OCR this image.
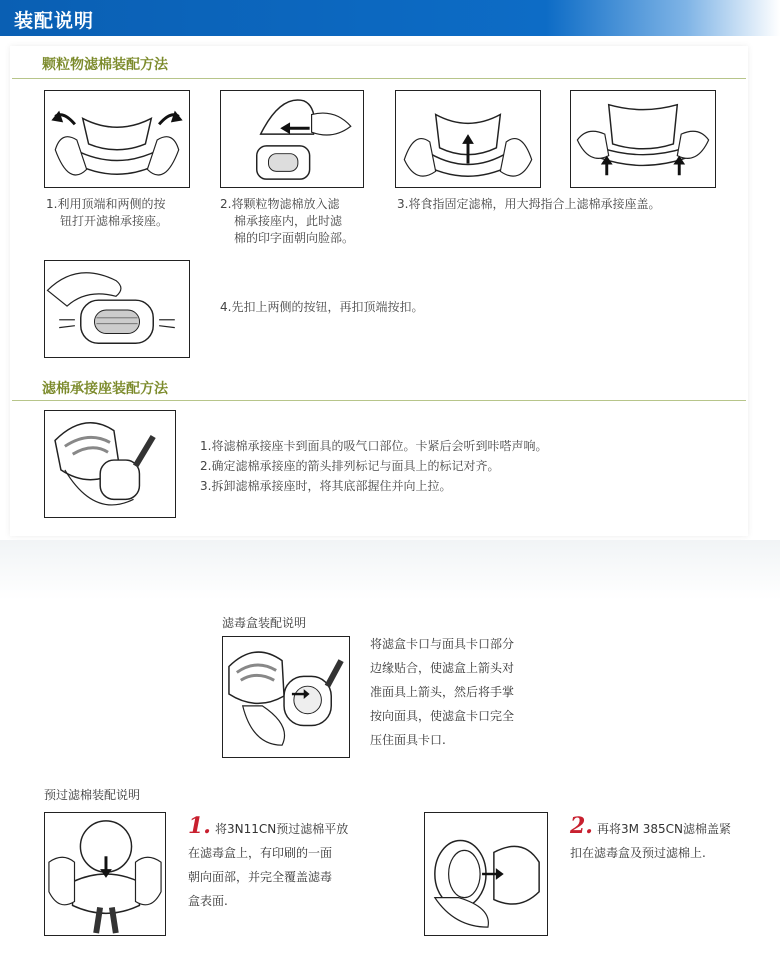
装配说明
颗粒物滤棉装配方法
1.利用顶端和两侧的按
钮打开滤棉承接座。
2.将颗粒物滤棉放入滤
棉承接座内，此时滤
棉的印字面朝向脸部。
3.将食指固定滤棉，用大拇指合上滤棉承接座盖。
4.先扣上两侧的按钮，再扣顶端按扣。
滤棉承接座装配方法
1.将滤棉承接座卡到面具的吸气口部位。卡紧后会听到咔嗒声响。
2.确定滤棉承接座的箭头排列标记与面具上的标记对齐。
3.拆卸滤棉承接座时，将其底部握住并向上拉。
滤毒盒装配说明
将滤盒卡口与面具卡口部分
边缘贴合，使滤盒上箭头对
准面具上箭头，然后将手掌
按向面具，使滤盒卡口完全
压住面具卡口.
预过滤棉装配说明
1. 将3N11CN预过滤棉平放
在滤毒盒上，有印刷的一面
朝向面部，并完全覆盖滤毒
盒表面.
2. 再将3M 385CN滤棉盖紧
扣在滤毒盒及预过滤棉上.
